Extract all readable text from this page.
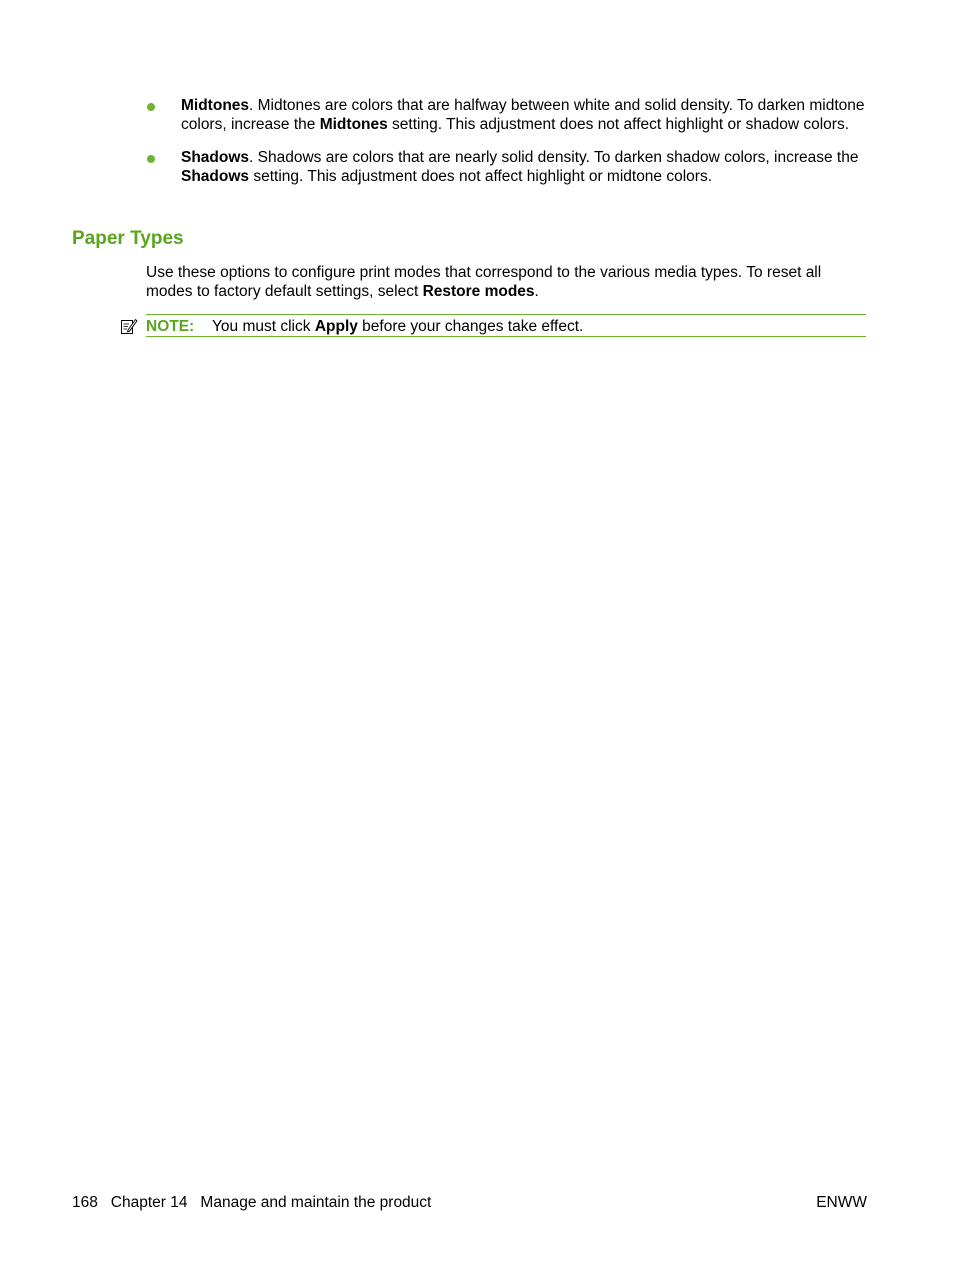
Midtones. Midtones are colors that are halfway between white and solid density. To darken midtone colors, increase the Midtones setting. This adjustment does not affect highlight or shadow colors.
Shadows. Shadows are colors that are nearly solid density. To darken shadow colors, increase the Shadows setting. This adjustment does not affect highlight or midtone colors.
Paper Types

Use these options to configure print modes that correspond to the various media types. To reset all modes to factory default settings, select Restore modes.

NOTE: You must click Apply before your changes take effect.
168 Chapter 14 Manage and maintain the product	ENWW
